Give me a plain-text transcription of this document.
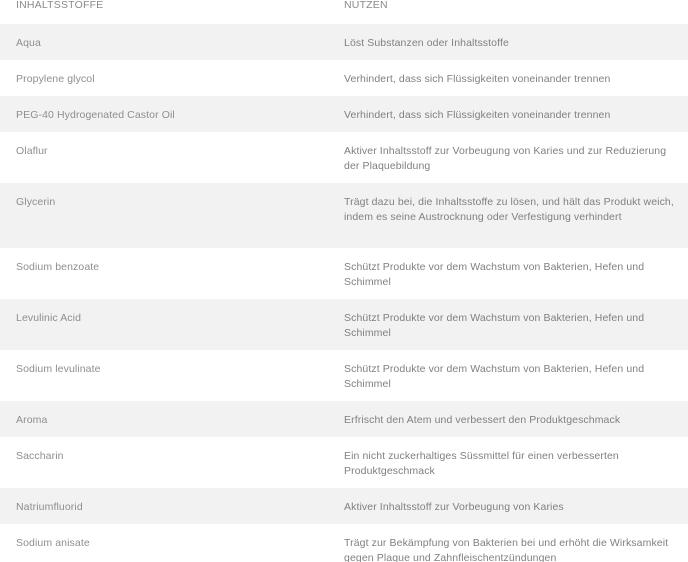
INHALTSSTOFFE	NUTZEN
Aqua	Löst Substanzen oder Inhaltsstoffe
Propylene glycol	Verhindert, dass sich Flüssigkeiten voneinander trennen
PEG-40 Hydrogenated Castor Oil	Verhindert, dass sich Flüssigkeiten voneinander trennen
Olaflur	Aktiver Inhaltsstoff zur Vorbeugung von Karies und zur Reduzierung der Plaquebildung
Glycerin	Trägt dazu bei, die Inhaltsstoffe zu lösen, und hält das Produkt weich, indem es seine Austrocknung oder Verfestigung verhindert
Sodium benzoate	Schützt Produkte vor dem Wachstum von Bakterien, Hefen und Schimmel
Levulinic Acid	Schützt Produkte vor dem Wachstum von Bakterien, Hefen und Schimmel
Sodium levulinate	Schützt Produkte vor dem Wachstum von Bakterien, Hefen und Schimmel
Aroma	Erfrischt den Atem und verbessert den Produktgeschmack
Saccharin	Ein nicht zuckerhaltiges Süssmittel für einen verbesserten Produktgeschmack
Natriumfluorid	Aktiver Inhaltsstoff zur Vorbeugung von Karies
Sodium anisate	Trägt zur Bekämpfung von Bakterien bei und erhöht die Wirksamkeit gegen Plaque und Zahnfleischentzündungen
